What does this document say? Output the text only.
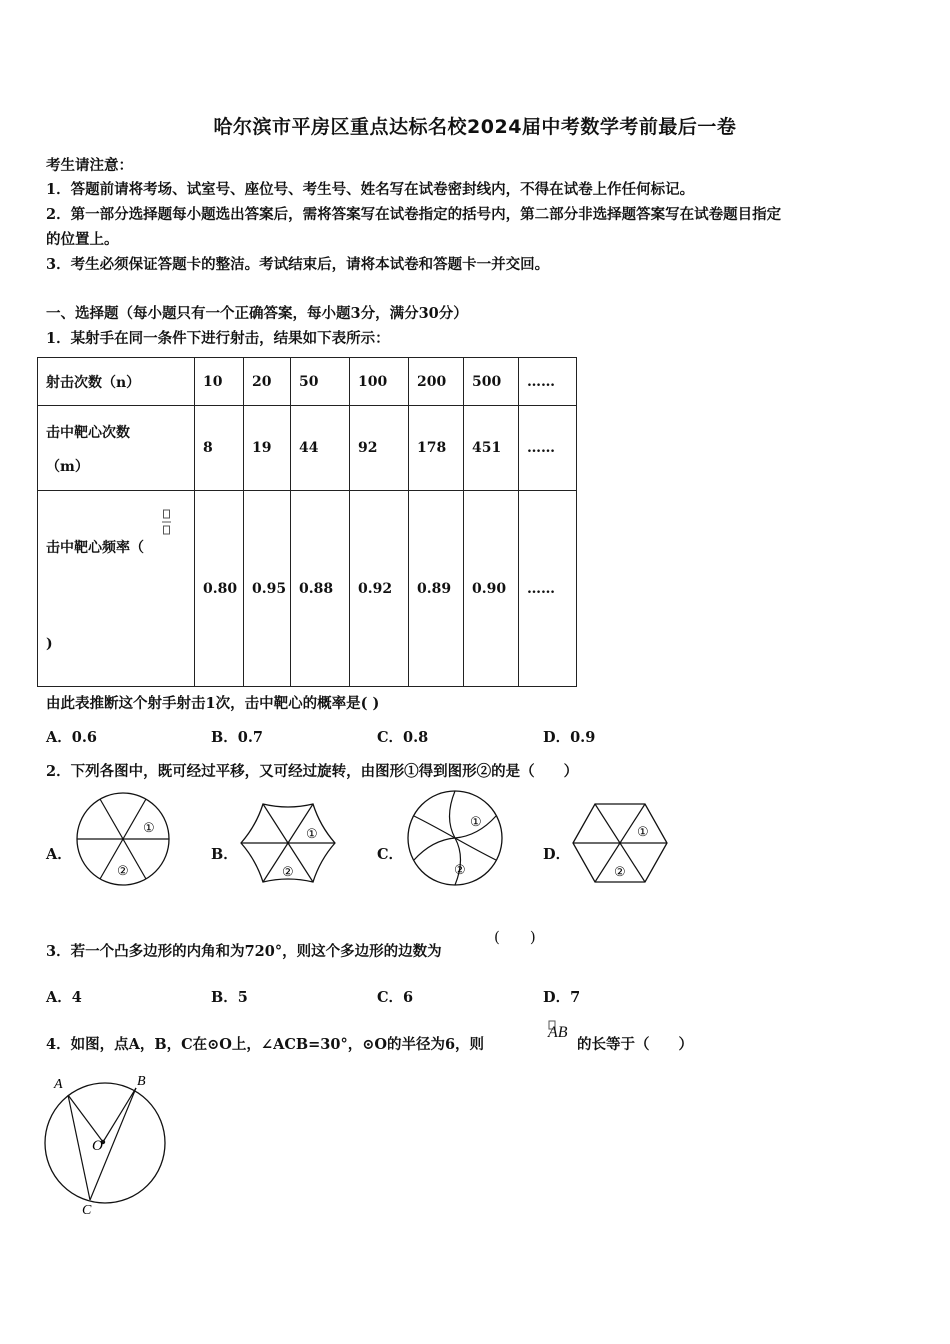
哈尔滨市平房区重点达标名校2024届中考数学考前最后一卷
考生请注意：
1．答题前请将考场、试室号、座位号、考生号、姓名写在试卷密封线内，不得在试卷上作任何标记。
2．第一部分选择题每小题选出答案后，需将答案写在试卷指定的括号内，第二部分非选择题答案写在试卷题目指定
的位置上。
3．考生必须保证答题卡的整洁。考试结束后，请将本试卷和答题卡一并交回。
一、选择题（每小题只有一个正确答案，每小题3分，满分30分）
1．某射手在同一条件下进行射击，结果如下表所示：
射击次数（n）	10	20	50	100	200	500	……

击中靶心次数
（m）	8	19	44	92	178	451	……

击中靶心频率（
)	0.80	0.95	0.88	0.92	0.89	0.90	……
由此表推断这个射手射击1次，击中靶心的概率是( )
A．0.6	B．0.7	C．0.8	D．0.9
2．下列各图中，既可经过平移，又可经过旋转，由图形①得到图形②的是（　　）
A．	B．	C．	D．
①
②
①
②
①
②
①
②
3．若一个凸多边形的内角和为720°，则这个多边形的边数为
(　　)
A．4	B．5	C．6	D．7
4．如图，点A，B，C在⊙O上，∠ACB=30°，⊙O的半径为6，则
AB
的长等于（　　）
A	B
O
C
